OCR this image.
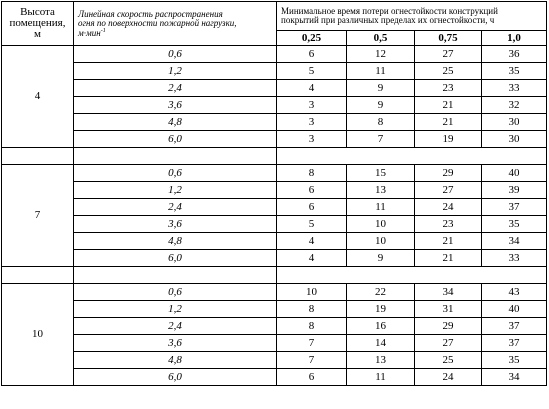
Высота
помещения,
м	Линейная скорость распространения
огня по поверхности пожарной нагрузки,
м·мин$^{-1}$	Минимальное время потери огнестойкости конструкций
покрытий при различных пределах их огнестойкости, ч			
		0,25	0,5	0,75	1,0
4	0,6	6	12	27	36
	1,2	5	11	25	35
	2,4	4	9	23	33
	3,6	3	9	21	32
	4,8	3	8	21	30
	6,0	3	7	19	30

7	0,6	8	15	29	40
	1,2	6	13	27	39
	2,4	6	11	24	37
	3,6	5	10	23	35
	4,8	4	10	21	34
	6,0	4	9	21	33

10	0,6	10	22	34	43
	1,2	8	19	31	40
	2,4	8	16	29	37
	3,6	7	14	27	37
	4,8	7	13	25	35
	6,0	6	11	24	34
